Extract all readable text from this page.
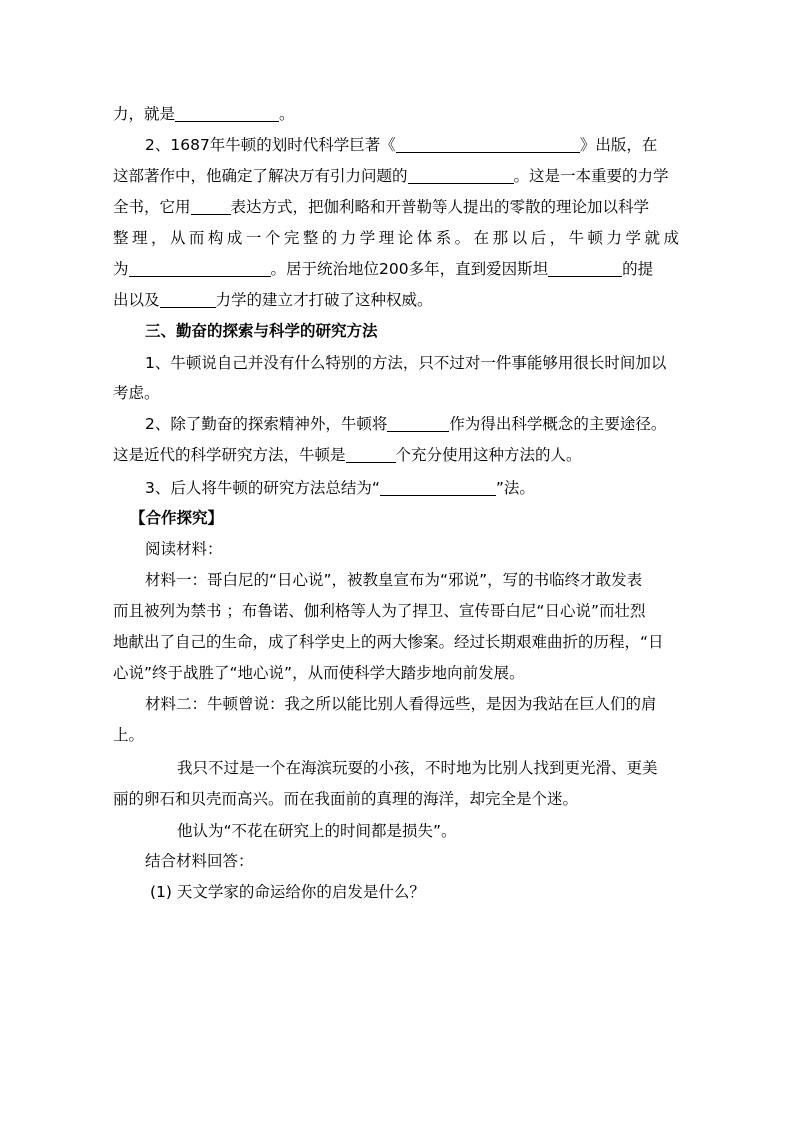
力，就是	。
2、1687年牛顿的划时代科学巨著《	》出版，在
这部著作中，他确定了解决万有引力问题的	。这是一本重要的力学
全书，它用	表达方式，把伽利略和开普勒等人提出的零散的理论加以科学
整理，从而构成一个完整的力学理论体系。在那以后，牛顿力学就成
为	。居于统治地位200多年，直到爱因斯坦	的提
出以及	力学的建立才打破了这种权威。
三、勤奋的探索与科学的研究方法
1、牛顿说自己并没有什么特别的方法，只不过对一件事能够用很长时间加以
考虑。
2、除了勤奋的探索精神外，牛顿将	作为得出科学概念的主要途径。
这是近代的科学研究方法，牛顿是	个充分使用这种方法的人。
3、后人将牛顿的研究方法总结为“	”法。
【合作探究】
阅读材料：
材料一：哥白尼的“日心说”，被教皇宣布为“邪说”，写的书临终才敢发表
而且被列为禁书 ；布鲁诺、伽利格等人为了捍卫、宣传哥白尼“日心说”而壮烈
地献出了自己的生命，成了科学史上的两大惨案。经过长期艰难曲折的历程，“日
心说”终于战胜了“地心说”，从而使科学大踏步地向前发展。
材料二：牛顿曾说：我之所以能比别人看得远些，是因为我站在巨人们的肩
上。
我只不过是一个在海滨玩耍的小孩，不时地为比别人找到更光滑、更美
丽的卵石和贝壳而高兴。而在我面前的真理的海洋，却完全是个迷。
他认为“不花在研究上的时间都是损失”。
结合材料回答：
(1) 天文学家的命运给你的启发是什么？
